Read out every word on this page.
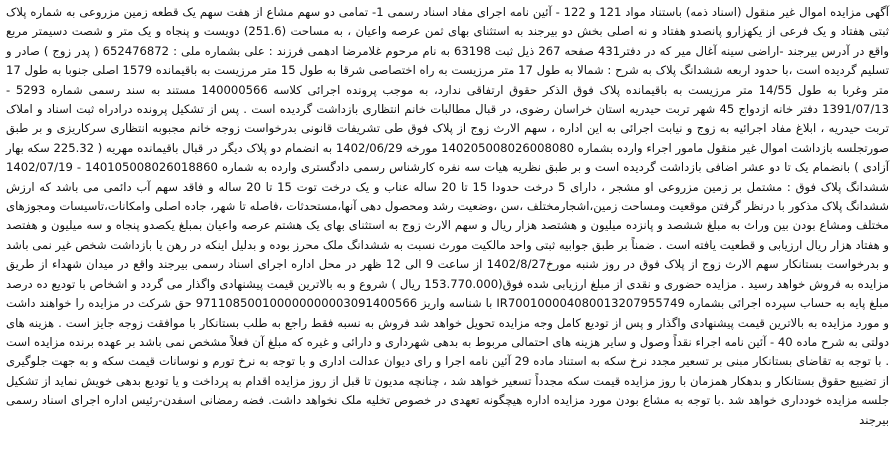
آگهی مزایده اموال غیر منقول (اسناد ذمه) باستناد مواد 121 و 122 - آئین نامه اجرای مفاد اسناد رسمی 1- تمامی دو سهم مشاع از هفت سهم یک قطعه زمین مزروعی به شماره پلاک ثبتی هفتاد و یک فرعی از یکهزارو پانصدو هفتاد و نه اصلی بخش دو بیرجند به استثنای بهای ثمن عرصه واعیان ، به مساحت (251.6) دویست و پنجاه و یک متر و شصت دسیمتر مربع واقع در آدرس بیرجند -اراضی سینه آغال میر که در دفتر431 صفحه 267 ذیل ثبت 63198 به نام مرحوم غلامرضا ادهمی فرزند : علی بشماره ملی : 652476872 ( پدر زوج ) صادر و تسلیم گردیده است ،با حدود اربعه ششدانگ پلاک به شرح : شمالا به طول 17 متر مرزیست به راه اختصاصی شرقا به طول 15 متر مرزیست به باقیمانده 1579 اصلی جنوبا به طول 17 متر وغربا به طول 14/55 متر مرزیست به باقیمانده پلاک فوق الذکر حقوق ارتفاقی ندارد، به موجب پرونده اجرائی کلاسه 140000566 مستند به سند رسمی شماره 5293 - 1391/07/13 دفتر خانه ازدواج 45 شهر تربت حیدریه استان خراسان رضوی، در قبال مطالبات خانم انتظاری بازداشت گردیده است . پس از تشکیل پرونده درادراه ثبت اسناد و املاک تربت حیدریه ، ابلاغ مفاد اجرائیه به زوج و نیابت اجرائی به این اداره ، سهم الارث زوج از پلاک فوق طی تشریفات قانونی بدرخواست زوجه خانم مجبوبه انتظاری سرکاریزی و بر طبق صورتجلسه بازداشت اموال غیر منقول مامور اجراء وارده بشماره 140205008026008080 مورخه 1402/06/29 به انضمام دو پلاک دیگر در قبال باقیمانده مهریه ( 225.32 سکه بهار آزادی ) بانضمام یک تا دو عشر اضافی بازداشت گردیده است و بر طبق نظریه هیات سه نفره کارشناس رسمی دادگستری وارده به شماره 140105008026018860 - 1402/07/19 ششدانگ پلاک فوق : مشتمل بر زمین مزروعی او مشجر ، دارای 5 درخت حدودا 15 تا 20 ساله عناب و یک درخت توت 15 تا 20 ساله و فاقد سهم آب دائمی می باشد که ارزش ششدانگ پلاک مذکور با درنظر گرفتن موقعیت ومساحت زمین،اشجارمختلف ،سن ،وضعیت رشد ومحصول دهی آنها،مستحدثات ،فاصله تا شهر، جاده اصلی وامکانات،تاسیسات ومجوزهای مختلف ومشاع بودن بین وراث به مبلغ ششصد و پانزده میلیون و هشتصد هزار ریال و سهم الارث زوج به استثنای بهای یک هشتم عرصه واعیان بمبلغ یکصدو پنجاه و سه میلیون و هفتصد و هفتاد هزار ریال ارزیابی و قطعیت یافته است . ضمناً بر طبق جوابیه ثبتی واحد مالکیت مورث نسبت به ششدانگ ملک محرز بوده و بدلیل اینکه در رهن یا بازداشت شخص غیر نمی باشد و بدرخواست بستانکار سهم الارث زوج از پلاک فوق در روز شنبه مورخ1402/8/27 از ساعت 9 الی 12 ظهر در محل اداره اجرای اسناد رسمی بیرجند واقع در میدان شهداء از طریق مزایده به فروش خواهد رسید . مزایده حضوری و نقدی از مبلغ ارزیابی شده فوق(153.770.000 ریال ) شروع و به بالاترین قیمت پیشنهادی واگذار می گردد و اشخاص با تودیع ده درصد مبلغ پایه به حساب سپرده اجرائی بشماره IR700100004080013207955749 با شناسه واریز 971108500100000000003091400566 حق شرکت در مزایده را خواهند داشت و مورد مزایده به بالاترین قیمت پیشنهادی واگذار و پس از تودیع کامل وجه مزایده تحویل خواهد شد فروش به نسبه فقط راجع به طلب بستانکار با موافقت زوجه جایز است . هزینه های دولتی به شرح ماده 40 - آئین نامه اجراء نقداً وصول و سایر هزینه های احتمالی مربوط به بدهی شهرداری و دارائی و غیره که مبلغ آن فعلاً مشخص نمی باشد بر عهده برنده مزایده است . با توجه به تقاضای بستانکار مبنی بر تسعیر مجدد نرخ سکه به استناد ماده 29 آئین نامه اجرا و رای دیوان عدالت اداری و با توجه به نرخ تورم و نوسانات قیمت سکه و به جهت جلوگیری از تضییع حقوق بستانکار و بدهکار همزمان با روز مزایده قیمت سکه مجدداً تسعیر خواهد شد ، چنانچه مدیون تا قبل از روز مزایده اقدام به پرداخت و یا تودیع بدهی خویش نماید از تشکیل جلسه مزایده خودداری خواهد شد .با توجه به مشاع بودن مورد مزایده اداره هیچگونه تعهدی در خصوص تخلیه ملک نخواهد داشت. فضه رمضانی اسفدن-رئیس اداره اجرای اسناد رسمی بیرجند
